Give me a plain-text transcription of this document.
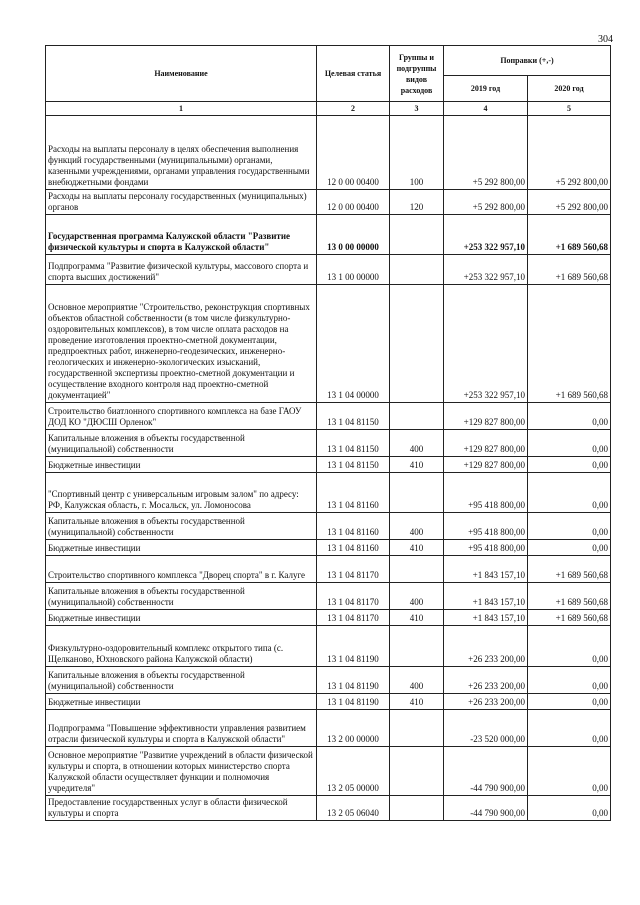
304
Наименование	Целевая статья	Группы и подгруппы видов расходов	Поправки (+,-)	
			2019 год	2020 год
1	2	3	4	5
Расходы на выплаты персоналу в целях обеспечения выполнения функций государственными (муниципальными) органами, казенными учреждениями, органами управления государственными внебюджетными фондами	12 0 00 00400	100	+5 292 800,00	+5 292 800,00
Расходы на выплаты персоналу государственных (муниципальных) органов	12 0 00 00400	120	+5 292 800,00	+5 292 800,00
Государственная программа Калужской области "Развитие физической культуры и спорта в Калужской области"	13 0 00 00000		+253 322 957,10	+1 689 560,68
Подпрограмма "Развитие физической культуры, массового спорта и спорта высших достижений"	13 1 00 00000		+253 322 957,10	+1 689 560,68
Основное мероприятие "Строительство, реконструкция спортивных объектов областной собственности (в том числе физкультурно-оздоровительных комплексов), в том числе оплата расходов на проведение изготовления проектно-сметной документации, предпроектных работ, инженерно-геодезических, инженерно-геологических и инженерно-экологических изысканий, государственной экспертизы проектно-сметной документации и осуществление входного контроля над проектно-сметной документацией"	13 1 04 00000		+253 322 957,10	+1 689 560,68
Строительство биатлонного спортивного комплекса на базе ГАОУ ДОД КО "ДЮСШ Орленок"	13 1 04 81150		+129 827 800,00	0,00
Капитальные вложения в объекты государственной (муниципальной) собственности	13 1 04 81150	400	+129 827 800,00	0,00
Бюджетные инвестиции	13 1 04 81150	410	+129 827 800,00	0,00
"Спортивный центр с универсальным игровым залом" по адресу: РФ, Калужская область, г. Мосальск, ул. Ломоносова	13 1 04 81160		+95 418 800,00	0,00
Капитальные вложения в объекты государственной (муниципальной) собственности	13 1 04 81160	400	+95 418 800,00	0,00
Бюджетные инвестиции	13 1 04 81160	410	+95 418 800,00	0,00
Строительство спортивного комплекса "Дворец спорта" в г. Калуге	13 1 04 81170		+1 843 157,10	+1 689 560,68
Капитальные вложения в объекты государственной (муниципальной) собственности	13 1 04 81170	400	+1 843 157,10	+1 689 560,68
Бюджетные инвестиции	13 1 04 81170	410	+1 843 157,10	+1 689 560,68
Физкультурно-оздоровительный комплекс открытого типа (с. Щелканово, Юхновского района Калужской области)	13 1 04 81190		+26 233 200,00	0,00
Капитальные вложения в объекты государственной (муниципальной) собственности	13 1 04 81190	400	+26 233 200,00	0,00
Бюджетные инвестиции	13 1 04 81190	410	+26 233 200,00	0,00
Подпрограмма "Повышение эффективности управления развитием отрасли физической культуры и спорта в Калужской области"	13 2 00 00000		-23 520 000,00	0,00
Основное мероприятие "Развитие учреждений в области физической культуры и спорта, в отношении которых министерство спорта Калужской области осуществляет функции и полномочия учредителя"	13 2 05 00000		-44 790 900,00	0,00
Предоставление государственных услуг в области физической культуры и спорта	13 2 05 06040		-44 790 900,00	0,00
